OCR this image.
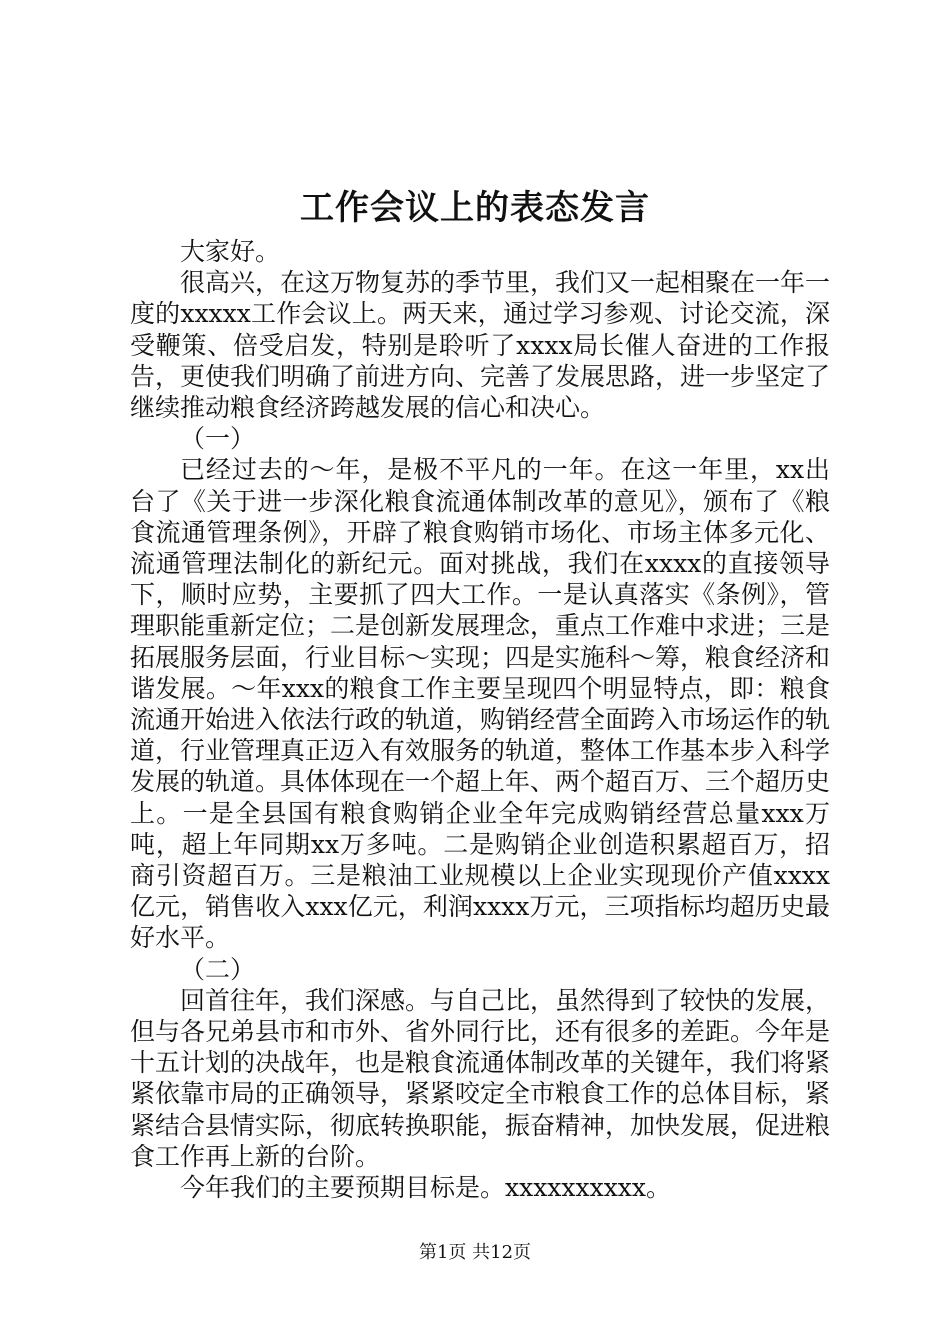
工作会议上的表态发言

大家好。

很高兴，在这万物复苏的季节里，我们又一起相聚在一年一度的xxxxx工作会议上。两天来，通过学习参观、讨论交流，深受鞭策、倍受启发，特别是聆听了xxxx局长催人奋进的工作报告，更使我们明确了前进方向、完善了发展思路，进一步坚定了继续推动粮食经济跨越发展的信心和决心。

（一）

已经过去的～年，是极不平凡的一年。在这一年里，xx出台了《关于进一步深化粮食流通体制改革的意见》，颁布了《粮食流通管理条例》，开辟了粮食购销市场化、市场主体多元化、流通管理法制化的新纪元。面对挑战，我们在xxxx的直接领导下，顺时应势，主要抓了四大工作。一是认真落实《条例》，管理职能重新定位；二是创新发展理念，重点工作难中求进；三是拓展服务层面，行业目标～实现；四是实施科～筹，粮食经济和谐发展。～年xxx的粮食工作主要呈现四个明显特点，即：粮食流通开始进入依法行政的轨道，购销经营全面跨入市场运作的轨道，行业管理真正迈入有效服务的轨道，整体工作基本步入科学发展的轨道。具体体现在一个超上年、两个超百万、三个超历史上。一是全县国有粮食购销企业全年完成购销经营总量xxx万吨，超上年同期xx万多吨。二是购销企业创造积累超百万，招商引资超百万。三是粮油工业规模以上企业实现现价产值xxxx亿元，销售收入xxx亿元，利润xxxx万元，三项指标均超历史最好水平。

（二）

回首往年，我们深感。与自己比，虽然得到了较快的发展，但与各兄弟县市和市外、省外同行比，还有很多的差距。今年是十五计划的决战年，也是粮食流通体制改革的关键年，我们将紧紧依靠市局的正确领导，紧紧咬定全市粮食工作的总体目标，紧紧结合县情实际，彻底转换职能，振奋精神，加快发展，促进粮食工作再上新的台阶。

今年我们的主要预期目标是。xxxxxxxxxx。

第1页 共12页
